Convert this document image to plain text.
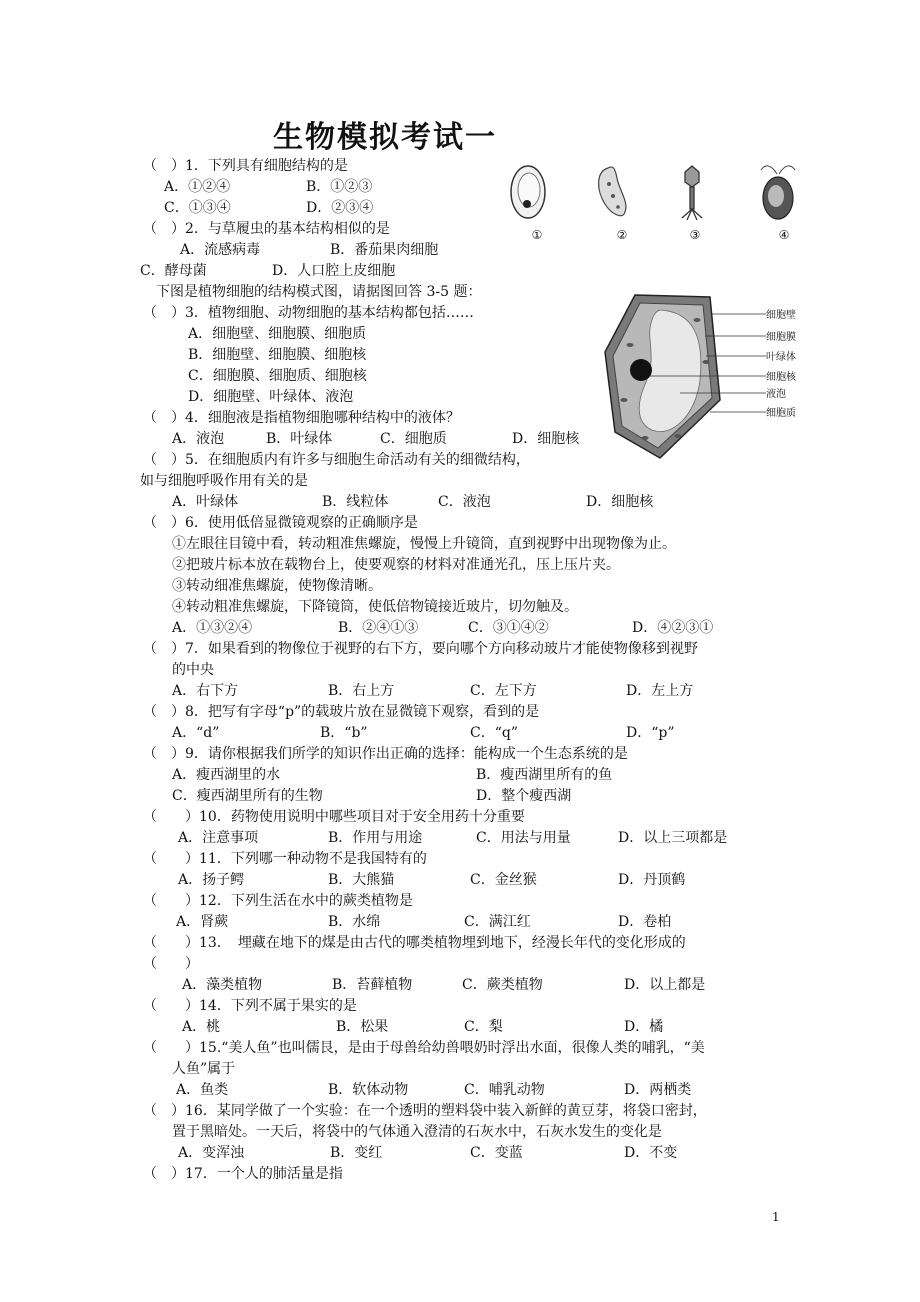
生物模拟考试一
①	②	③	④
细胞壁
细胞膜
叶绿体
细胞核
液泡
细胞质
（　）1．下列具有细胞结构的是
A．①②④	B．①②③
C．①③④	D．②③④
（　）2．与草履虫的基本结构相似的是
A．流感病毒	B．番茄果肉细胞
C．酵母菌	D．人口腔上皮细胞
下图是植物细胞的结构模式图，请据图回答 3-5 题：
（　）3．植物细胞、动物细胞的基本结构都包括……
A．细胞壁、细胞膜、细胞质
B．细胞壁、细胞膜、细胞核
C．细胞膜、细胞质、细胞核
D．细胞壁、叶绿体、液泡
（　）4．细胞液是指植物细胞哪种结构中的液体？
A．液泡	B．叶绿体	C．细胞质	D．细胞核
（　）5．在细胞质内有许多与细胞生命活动有关的细微结构，
如与细胞呼吸作用有关的是
A．叶绿体	B．线粒体	C．液泡	D．细胞核
（　）6．使用低倍显微镜观察的正确顺序是
①左眼往目镜中看，转动粗准焦螺旋，慢慢上升镜筒，直到视野中出现物像为止。
②把玻片标本放在载物台上，使要观察的材料对准通光孔，压上压片夹。
③转动细准焦螺旋，使物像清晰。
④转动粗准焦螺旋，下降镜筒，使低倍物镜接近玻片，切勿触及。
A．①③②④	B．②④①③	C．③①④②	D．④②③①
（　）7．如果看到的物像位于视野的右下方，要向哪个方向移动玻片才能使物像移到视野
的中央
A．右下方	B．右上方	C．左下方	D．左上方
（　）8．把写有字母“p”的载玻片放在显微镜下观察，看到的是
A．“d”	B．“b”	C．“q”	D．“p”
（　）9．请你根据我们所学的知识作出正确的选择：能构成一个生态系统的是
A．瘦西湖里的水	B．瘦西湖里所有的鱼
C．瘦西湖里所有的生物	D．整个瘦西湖
（　　）10．药物使用说明中哪些项目对于安全用药十分重要
A．注意事项	B．作用与用途	C．用法与用量	D．以上三项都是
（　　）11．下列哪一种动物不是我国特有的
A．扬子鳄	B．大熊猫	C．金丝猴	D．丹顶鹤
（　　）12．下列生活在水中的蕨类植物是
A．肾蕨	B．水绵	C．满江红	D．卷柏
（　　）13．　埋藏在地下的煤是由古代的哪类植物埋到地下，经漫长年代的变化形成的
（　　）
A．藻类植物	B．苔藓植物	C．蕨类植物	D．以上都是
（　　）14．下列不属于果实的是
A．桃	B．松果	C．梨	D．橘
（　　）15.“美人鱼”也叫儒艮，是由于母兽给幼兽喂奶时浮出水面，很像人类的哺乳，“美
人鱼”属于
A．鱼类	B．软体动物	C．哺乳动物	D．两栖类
（　）16．某同学做了一个实验：在一个透明的塑料袋中装入新鲜的黄豆芽，将袋口密封，
置于黑暗处。一天后，将袋中的气体通入澄清的石灰水中，石灰水发生的变化是
A．变浑浊	B．变红	C．变蓝	D．不变
（　）17．一个人的肺活量是指
1
